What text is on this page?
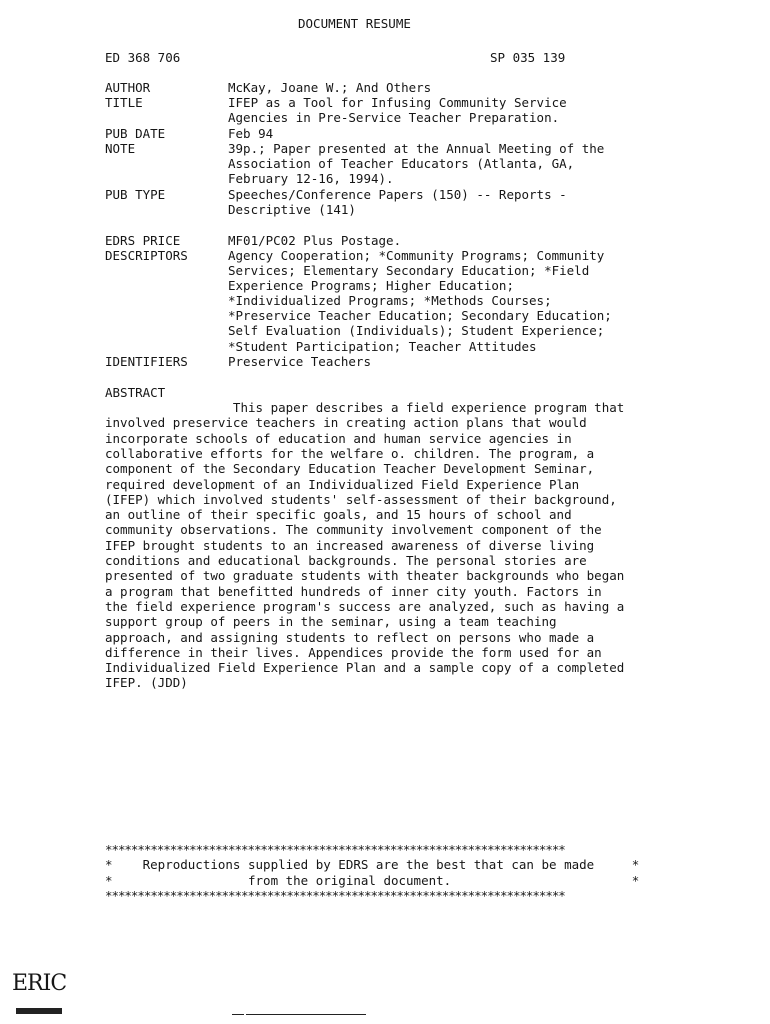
DOCUMENT RESUME
ED 368 706	SP 035 139
AUTHOR	McKay, Joane W.; And Others
TITLE	IFEP as a Tool for Infusing Community Service
Agencies in Pre-Service Teacher Preparation.
PUB DATE	Feb 94
NOTE	39p.; Paper presented at the Annual Meeting of the
Association of Teacher Educators (Atlanta, GA,
February 12-16, 1994).
PUB TYPE	Speeches/Conference Papers (150) -- Reports -
Descriptive (141)
EDRS PRICE	MF01/PC02 Plus Postage.
DESCRIPTORS	Agency Cooperation; *Community Programs; Community
Services; Elementary Secondary Education; *Field
Experience Programs; Higher Education;
*Individualized Programs; *Methods Courses;
*Preservice Teacher Education; Secondary Education;
Self Evaluation (Individuals); Student Experience;
*Student Participation; Teacher Attitudes
IDENTIFIERS	Preservice Teachers
ABSTRACT
This paper describes a field experience program that
involved preservice teachers in creating action plans that would
incorporate schools of education and human service agencies in
collaborative efforts for the welfare o. children. The program, a
component of the Secondary Education Teacher Development Seminar,
required development of an Individualized Field Experience Plan
(IFEP) which involved students' self-assessment of their background,
an outline of their specific goals, and 15 hours of school and
community observations. The community involvement component of the
IFEP brought students to an increased awareness of diverse living
conditions and educational backgrounds. The personal stories are
presented of two graduate students with theater backgrounds who began
a program that benefitted hundreds of inner city youth. Factors in
the field experience program's success are analyzed, such as having a
support group of peers in the seminar, using a team teaching
approach, and assigning students to reflect on persons who made a
difference in their lives. Appendices provide the form used for an
Individualized Field Experience Plan and a sample copy of a completed
IFEP. (JDD)
***********************************************************************
*    Reproductions supplied by EDRS are the best that can be made     *
*                  from the original document.                        *
***********************************************************************
ERIC
